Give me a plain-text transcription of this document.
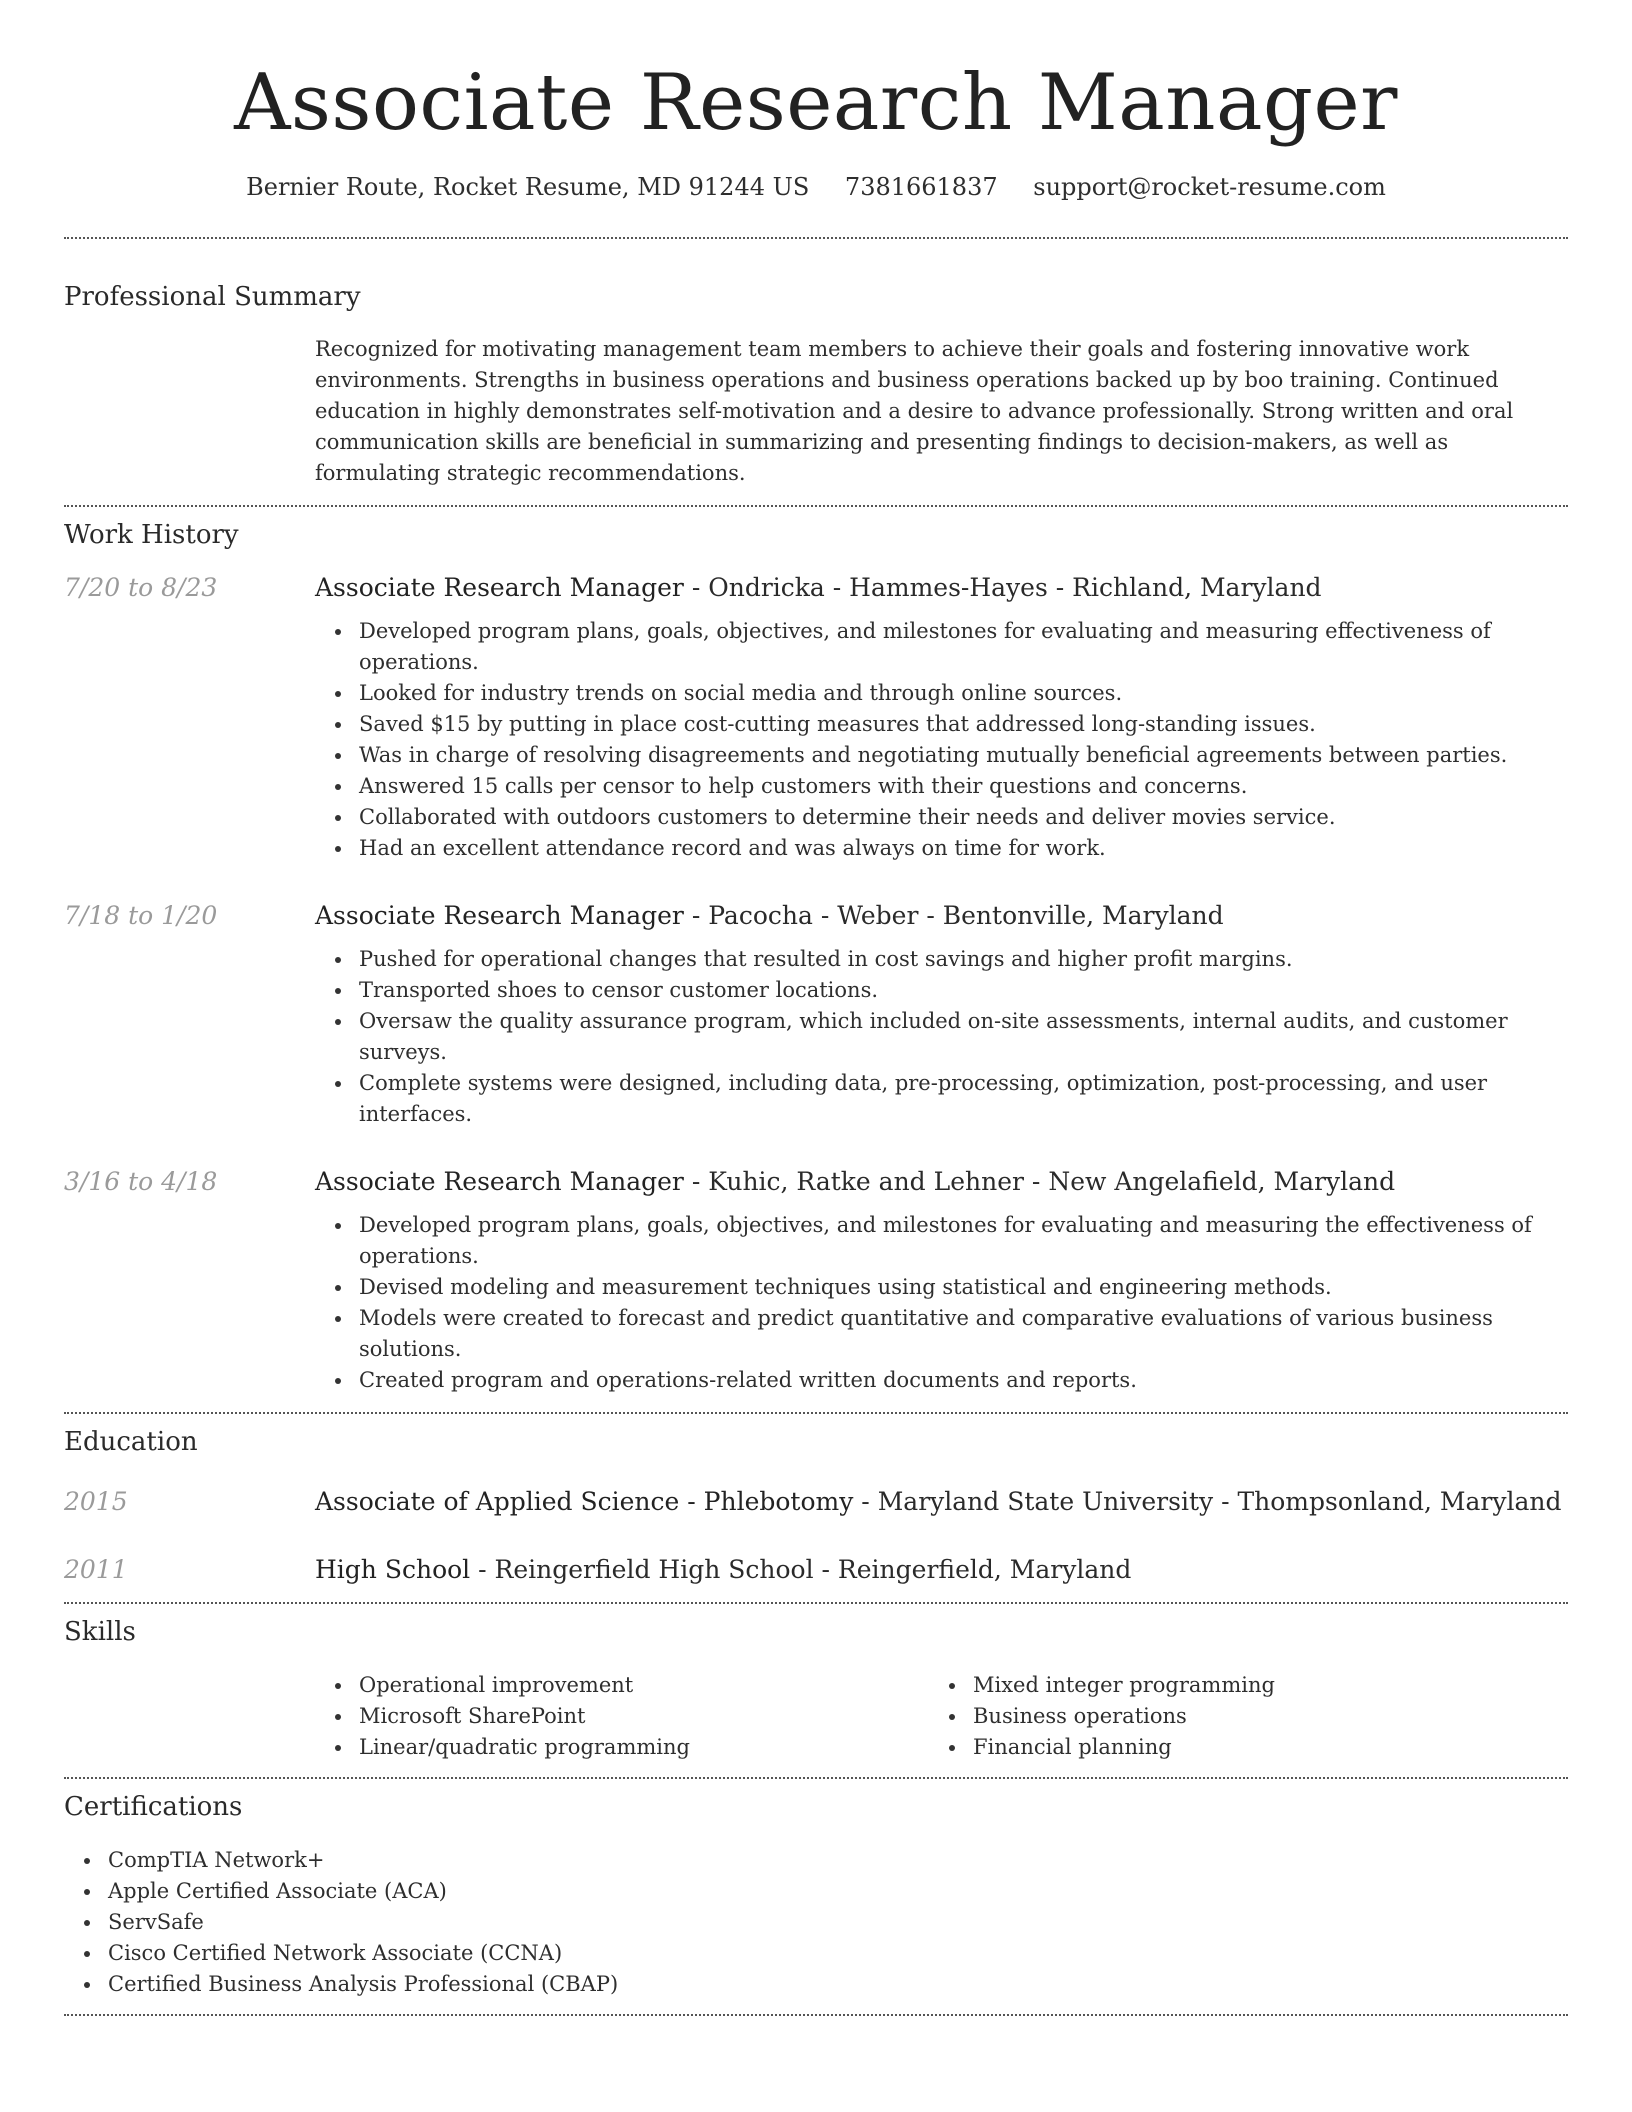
Associate Research Manager
Bernier Route, Rocket Resume, MD 91244 US 7381661837 support@rocket-resume.com
Professional Summary

Recognized for motivating management team members to achieve their goals and fostering innovative work environments. Strengths in business operations and business operations backed up by boo training. Continued education in highly demonstrates self-motivation and a desire to advance professionally. Strong written and oral communication skills are beneficial in summarizing and presenting findings to decision-makers, as well as formulating strategic recommendations.

Work History
7/20 to 8/23	Associate Research Manager - Ondricka - Hammes-Hayes - Richland, Maryland
Developed program plans, goals, objectives, and milestones for evaluating and measuring effectiveness of operations.
Looked for industry trends on social media and through online sources.
Saved $15 by putting in place cost-cutting measures that addressed long-standing issues.
Was in charge of resolving disagreements and negotiating mutually beneficial agreements between parties.
Answered 15 calls per censor to help customers with their questions and concerns.
Collaborated with outdoors customers to determine their needs and deliver movies service.
Had an excellent attendance record and was always on time for work.
7/18 to 1/20	Associate Research Manager - Pacocha - Weber - Bentonville, Maryland
Pushed for operational changes that resulted in cost savings and higher profit margins.
Transported shoes to censor customer locations.
Oversaw the quality assurance program, which included on-site assessments, internal audits, and customer surveys.
Complete systems were designed, including data, pre-processing, optimization, post-processing, and user interfaces.
3/16 to 4/18	Associate Research Manager - Kuhic, Ratke and Lehner - New Angelafield, Maryland
Developed program plans, goals, objectives, and milestones for evaluating and measuring the effectiveness of operations.
Devised modeling and measurement techniques using statistical and engineering methods.
Models were created to forecast and predict quantitative and comparative evaluations of various business solutions.
Created program and operations-related written documents and reports.
Education
2015	Associate of Applied Science - Phlebotomy - Maryland State University - Thompsonland, Maryland
2011	High School - Reingerfield High School - Reingerfield, Maryland
Skills
Operational improvement
Microsoft SharePoint
Linear/quadratic programming
Mixed integer programming
Business operations
Financial planning
Certifications
CompTIA Network+
Apple Certified Associate (ACA)
ServSafe
Cisco Certified Network Associate (CCNA)
Certified Business Analysis Professional (CBAP)
